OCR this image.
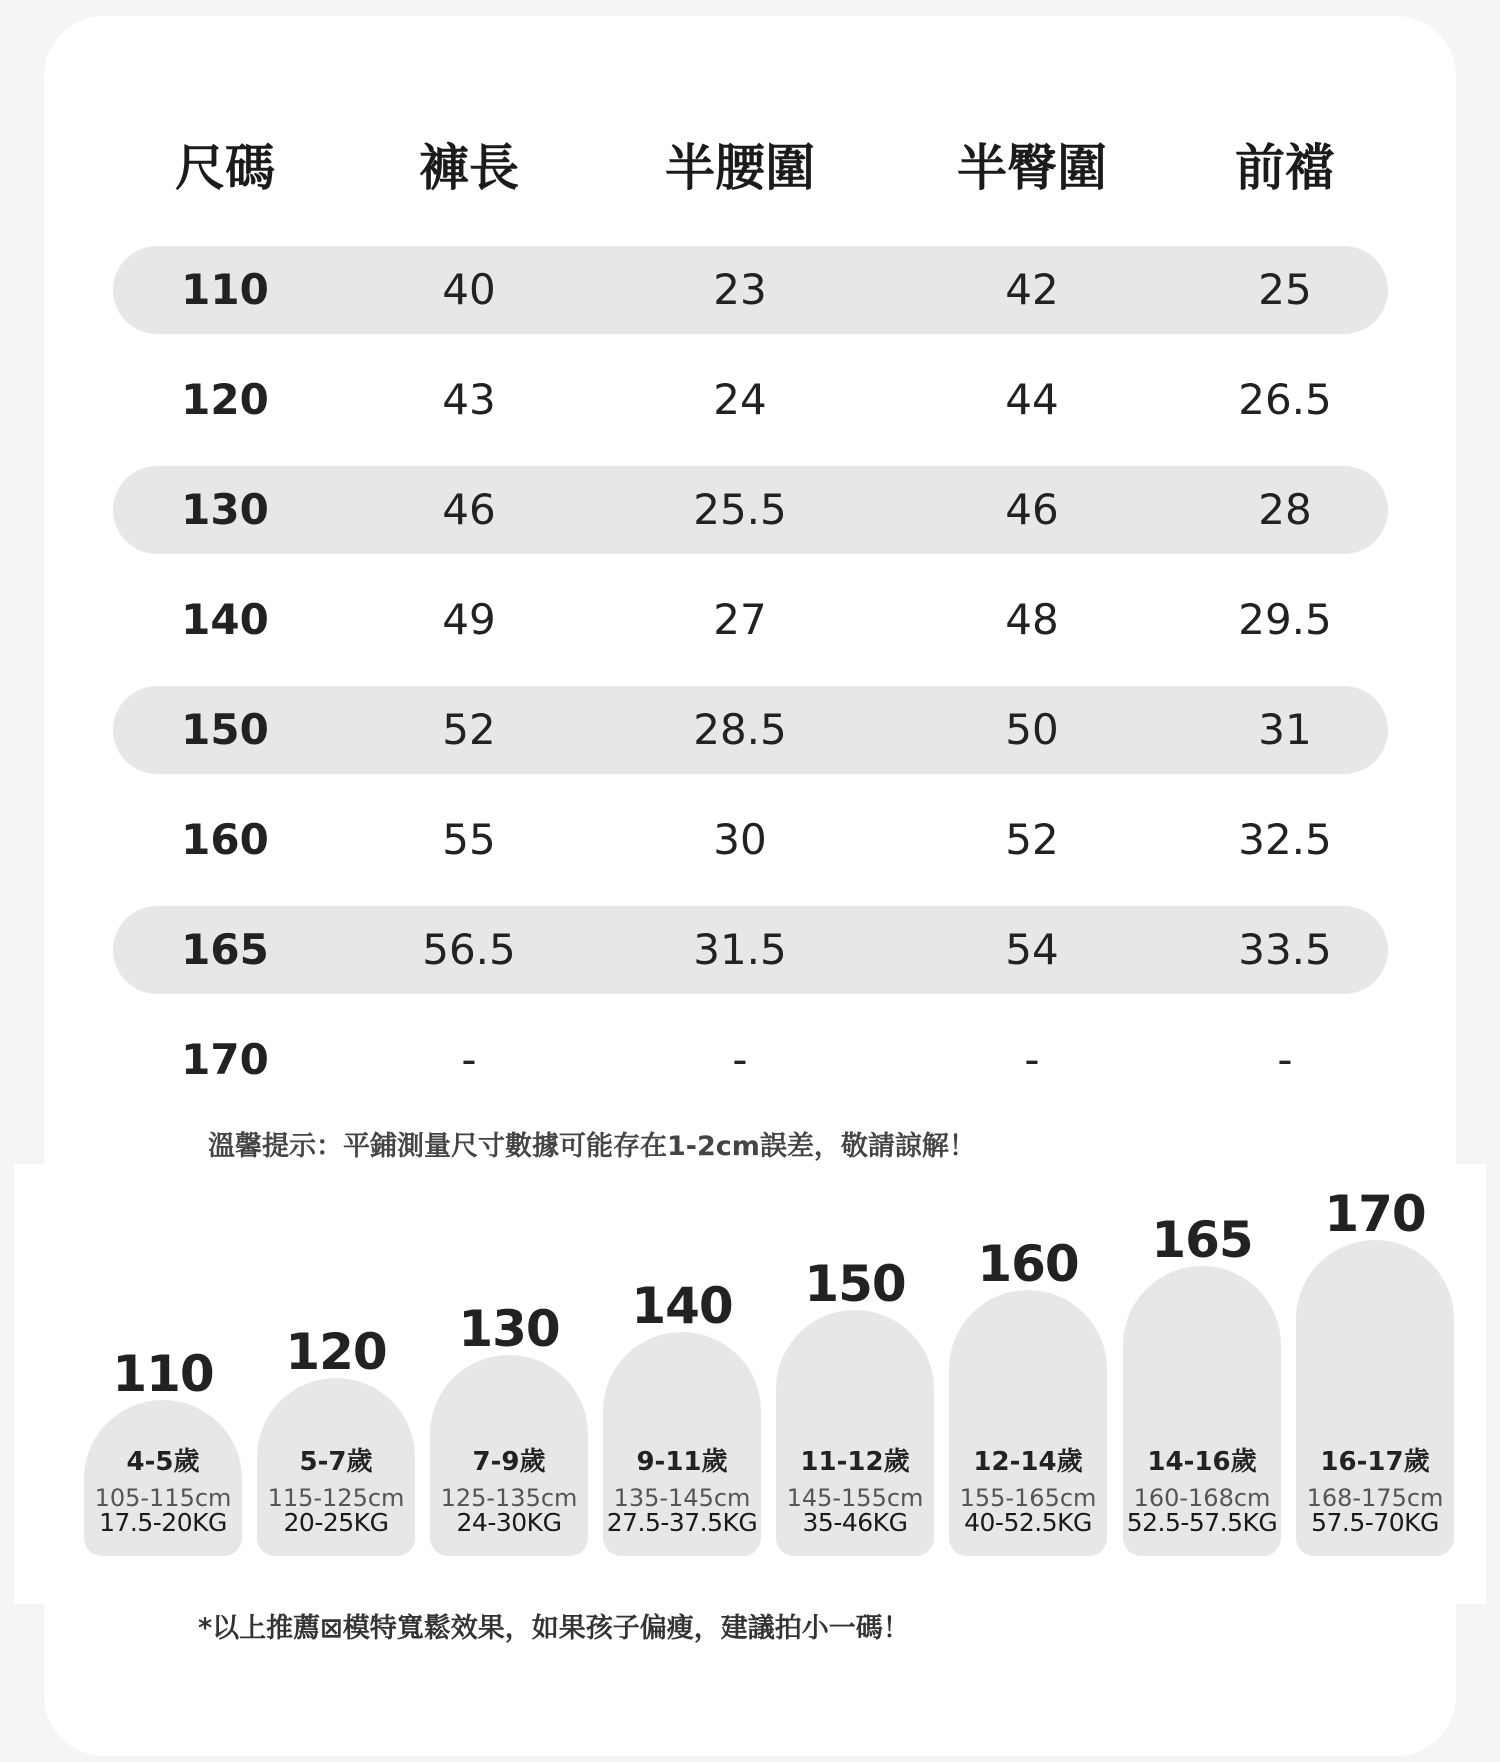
尺碼	褲長	半腰圍	半臀圍	前襠
110	40	23	42	25
120	43	24	44	26.5
130	46	25.5	46	28
140	49	27	48	29.5
150	52	28.5	50	31
160	55	30	52	32.5
165	56.5	31.5	54	33.5
170	-	-	-	-
溫馨提示：平鋪測量尺寸數據可能存在1-2cm誤差，敬請諒解！
110
4-5歲
105-115cm
17.5-20KG
120
5-7歲
115-125cm
20-25KG
130
7-9歲
125-135cm
24-30KG
140
9-11歲
135-145cm
27.5-37.5KG
150
11-12歲
145-155cm
35-46KG
160
12-14歲
155-165cm
40-52.5KG
165
14-16歲
160-168cm
52.5-57.5KG
170
16-17歲
168-175cm
57.5-70KG
*以上推薦⊠模特寬鬆效果，如果孩子偏瘦，建議拍小一碼！
